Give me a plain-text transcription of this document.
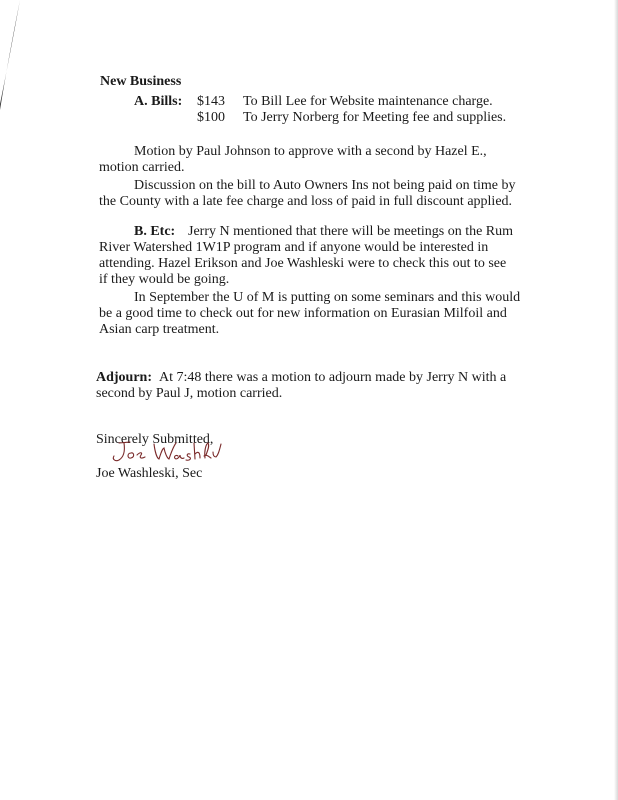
New Business
A. Bills: $143 To Bill Lee for Website maintenance charge.
$100 To Jerry Norberg for Meeting fee and supplies.
Motion by Paul Johnson to approve with a second by Hazel E.,
motion carried.
Discussion on the bill to Auto Owners Ins not being paid on time by
the County with a late fee charge and loss of paid in full discount applied.
B. Etc: Jerry N mentioned that there will be meetings on the Rum
River Watershed 1W1P program and if anyone would be interested in
attending. Hazel Erikson and Joe Washleski were to check this out to see
if they would be going.
In September the U of M is putting on some seminars and this would
be a good time to check out for new information on Eurasian Milfoil and
Asian carp treatment.
Adjourn: At 7:48 there was a motion to adjourn made by Jerry N with a
second by Paul J, motion carried.
Sincerely Submitted,
Joe Washleski, Sec
